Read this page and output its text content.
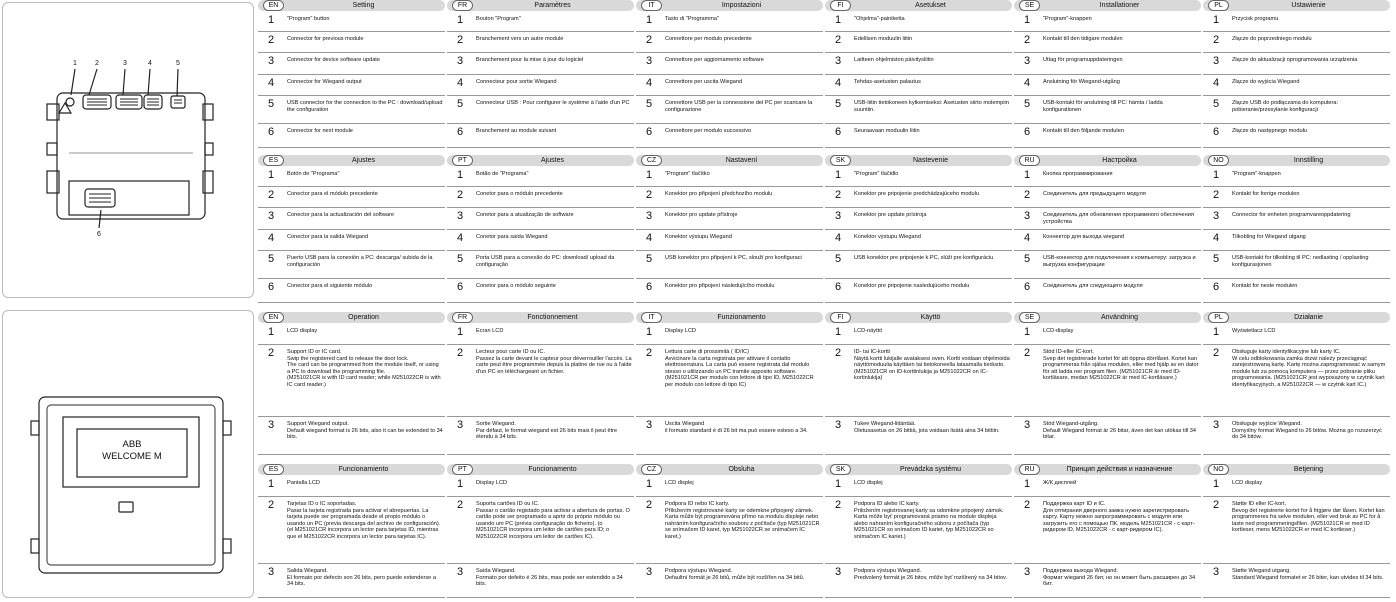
1	2	3	4	5
6
ABB
WELCOME M
EN	Setting
1 "Program" button
2 Connector for previous module
3 Connector for device software update
4 Connector for Wiegand output
5 USB connector for the connection to the PC : download/upload the configuration
6 Connector for next module
FR	Paramètres
1 Bouton "Program"
2 Branchement vers un autre module
3 Branchement pour la mise à jour du logiciel
4 Connecteur pour sortie Wiegand
5 Connecteur USB : Pour configurer le système à l'aide d'un PC
6 Branchement au module suivant
IT	Impostazioni
1 Tasto di "Programma"
2 Connettore per modulo precedente
3 Connettore per aggiornamento software
4 Connettore per uscita Wiegand
5 Connettore USB per la connessione del PC per scaricare la configurazione
6 Connettore per modulo successivo
FI	Asetukset
1 "Ohjelma"-painiketta
2 Edellisen moduulin liitin
3 Laitteen ohjelmiston päivitysliitin
4 Tehdas-asetusten palautus
5 USB-liitin tietokoneen kytkemiseksi: Asetusten siirto molempiin suuntiin.
6 Seuraavaan moduulin liitin
SE	Installationer
1 "Program"-knappen
2 Kontakt till den tidigare modulen
3 Uttag för programuppdateringen
4 Anslutning för Wiegand-utgång
5 USB-kontakt för anslutning till PC: hämta / ladda konfigurationen
6 Kontakt till den följande modulen
PL	Ustawienie
1 Przycisk programu
2 Złącze do poprzedniego modułu
3 Złącze do aktualizacji oprogramowania urządzenia
4 Złącze do wyjścia Wiegand
5 Złącze USB do podłączania do komputera: pobieranie/przesyłanie konfiguracji
6 Złącze do następnego modułu
ES	Ajustes
1 Botón de "Programa"
2 Conector para el módulo precedente
3 Conector para la actualización del software
4 Conector para la salida Wiegand
5 Puerto USB para la conexión a PC: descarga/ subida de la configuración
6 Conector para el siguiente módulo
PT	Ajustes
1 Botão de "Programa"
2 Conetor para o módulo precedente
3 Conetor para a atualização de software
4 Conetor para saída Wiegand
5 Porta USB para a conexão do PC: download/ upload da configuração
6 Conetor para o módulo seguinte
CZ	Nastavení
1 "Program" tlačítko
2 Konektor pro připojení předchozího modulu
3 Konektor pro update přístroje
4 Konektor výstupu Wiegand
5 USB konektor pro připojení k PC, slouží pro konfiguraci
6 Konektor pro připojení následujícího modulu
SK	Nastevenie
1 "Program" tlačidlo
2 Konektor pre pripojenie predchádzajúceho modulu
3 Konektor pre update prístroja
4 Konektor výstupu Wiegand
5 USB konektor pre pripojenie k PC, slúži pre konfiguráciu
6 Konektor pre pripojenie nasledujúceho modulu
RU	Настройка
1 Кнопка программирования
2 Соединитель для предыдущего модуля
3 Соединитель для обновления программного обеспечения устройства
4 Коннектор для выхода wiegand
5 USB-коннектор для подключения к компьютеру: загрузка и выгрузка конфигурации
6 Соединитель для следующего модуля
NO	Innstilling
1 "Program"-knappen
2 Kontakt for forrige modulen
3 Connector for enheten programvareoppdatering
4 Tilkobling for Wiegand utgang
5 USB-kontakt for tilkobling til PC: nedlasting / opplasting konfigurasjonen
6 Kontakt for neste modulen
EN	Operation
1 LCD display
2 Support ID or IC card.
Swip the registered card to release the door lock.
The card can be programmed from the module itself, or using a PC to download the programming file.
(M251021CR is with ID card reader; while M251022CR is with IC card reader.)
3 Support Wiegand output.
Default wiegand format is 26 bits, also it can be extended to 34 bits.
FR	Fonctionnement
1 Ecran LCD
2 Lecteur pour carte ID ou IC.
Passez la carte devant le capteur pour déverrouiller l'accès. La carte peut être programmée depuis la platine de rue ou à l'aide d'un PC en téléchargeant un fichier.
3 Sortie Wiegand.
Par défaut, le format wiegand est 26 bits mais il peut être étendu à 34 bits.
IT	Funzionamento
1 Display LCD
2 Lettura carte di prossimità ( ID/IC)
Avvicinare la carta registrata per attivare il contatto elettroserratura. La carta può essere registrata dal modulo stesso o utilizzando un PC tramite apposito software. (M251021CR per modulo con lettore di tipo ID, M251022CR per modulo con lettore di tipo IC)
3 Uscita Wiegand
il formato standard è di 26 bit ma può essere esteso a 34.
FI	Käyttö
1 LCD-näyttö
2 ID- tai IC-kortti
Näytä kortti lukijalle avataksesi oven. Kortti voidaan ohjelmoida näyttömoduulia käyttäen tai tietokoneella lataamalla tiedosto. (M251021CR on ID-korttinlukija ja M251022CR on IC-kortinlukija)
3 Tukee Wiegand-liitäntää.
Oletusasetus on 26 bittiä, jota voidaan lisätä aina 34 bittiin.
SE	Användning
1 LCD-display
2 Stöd ID-eller IC-kort.
Svep det registrerade kortet för att öppna dörrlåset. Kortet kan programmeras från själva modulen, eller med hjälp av en dator för att ladda ner program filen. (M251021CR är med ID-kortläsare, medan M251022CR är med IC-kortläsare.)
3 Stöd Wiegand-utgång.
Default Wiegand format är 26 bitar, även det kan utökas till 34 bitar.
PL	Działanie
1 Wyświetlacz LCD
2 Obsługuje karty identyfikacyjne lub karty IC.
W celu odblokowania zamka drzwi należy przeciągnąć zarejestrowaną kartę. Kartę można zaprogramować w samym module lub za pomocą komputera — przez pobranie pliku programowania. (M251021CR jest wyposażony w czytnik kart identyfikacyjnych, a M251022CR — w czytnik kart IC.)
3 Obsługuje wyjście Wiegand.
Domyślny format Wiegand to 26 bitów. Można go rozszerzyć do 34 bitów.
ES	Funcionamiento
1 Pantalla LCD
2 Tarjetas ID o IC soportadas.
Pasar la tarjeta registrada para activar el abrepuertas. La tarjeta puede ser programada desde el propio módulo o usando un PC (previa descarga del archivo de configuración). (el M251021CR incorpora un lector para tarjetas ID, mientras que el M251022CR incorpora un lector para tarjetas IC).
3 Salida Wiegand.
El formato por defecto son 26 bits, pero puede extenderse a 34 bits.
PT	Funcionamento
1 Display LCD
2 Suporta cartões ID ou IC.
Passar o cartão registado para activar a abertura de portas. O cartão pode ser programado a aprtir do próprio módulo ou usando um PC (prévia configuração do ficheiro). (o M251021CR incorpora um leitor de cartões para ID; o M251022CR incorpora um leitor de cartões IC).
3 Saída Wiegand.
Formato por defeito é 26 bits, mas pode ser estendido a 34 bits.
CZ	Obsluha
1 LCD displej
2 Podpora ID nebo IC karty.
Přiložením registrované karty se odemkne připojený zámek. Karta může být programována přímo na modulu displeje nebo nahráním konfiguračního souboru z počítače (typ M251021CR se snímačem ID karet, typ M251022CR se snímačem IC karet.)
3 Podpora výstupu Wiegand.
Defaultní formát je 26 bitů, může být rozšířen na 34 bitů.
SK	Prevádzka systému
1 LCD displej
2 Podpora ID alebo IC karty.
Priložením registrovanej karty sa odomkne pripojený zámok. Karta môže byť programovaná priamo na module displeja alebo nahraním konfiguračného súboru z počítača (typ M251021CR so snímačom ID kariet, typ M251022CR so snímačom IC kariet.)
3 Podpora výstupu Wiegand.
Predvolený formát je 26 bitov, môže byť rozšírený na 34 bitov.
RU	Принцип действия и назначение
1 Ж/К дисплей
2 Поддержка карт ID и IC.
Для отпирания дверного замка нужно зарегистрировать карту. Карту можно запрограммировать с модуля или загрузить его с помощью ПК. модель M251021CR - с карт-ридером ID, M251022CR - с карт-ридером IC).
3 Поддержка выхода Wiegand.
Формат wiegand 26 бит, но он может быть расширен до 34 бит.
NO	Betjening
1 LCD display
2 Støtte ID eller IC-kort.
Bevog det registrerte kortet for å frigjøre dør låsen. Kortet kan programmeres fra selve modulen, eller ved bruk av PC for å laste ned programmeringsfilen. (M251021CR er med ID kortleser, mens M251022CR er med IC kortleser.)
3 Støtte Wiegand utgang.
Standard Wiegand formatet er 26 biter, kan utvides til 34 bits.
